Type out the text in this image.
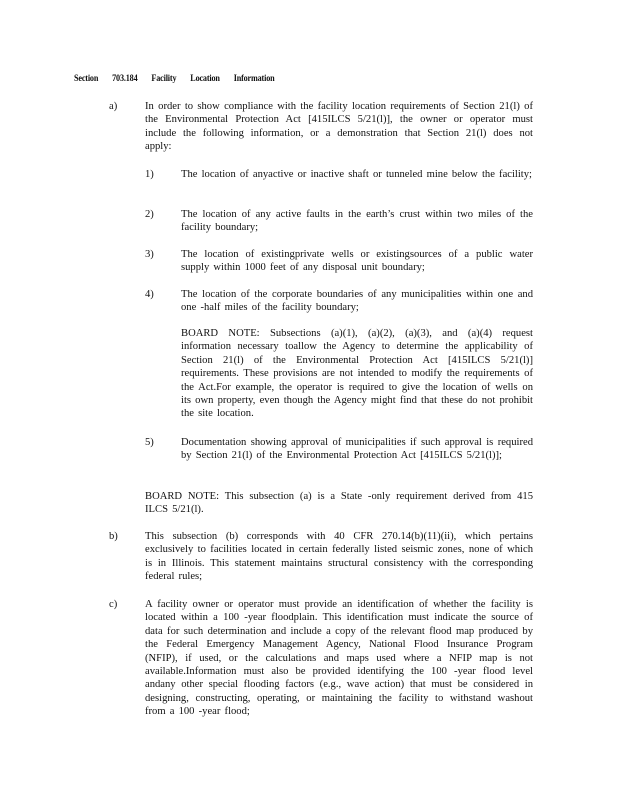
Section 703.184 Facility Location Information
a)	In order to show compliance with the facility location requirements of Section 21(l) of the Environmental Protection Act [415ILCS 5/21(l)], the owner or operator must include the following information, or a demonstration that Section 21(l) does not apply:
1)	The location of anyactive or inactive shaft or tunneled mine below the facility;
2)	The location of any active faults in the earth’s crust within two miles of the facility boundary;
3)	The location of existingprivate wells or existingsources of a public water supply within 1000 feet of any disposal unit boundary;
4)	The location of the corporate boundaries of any municipalities within one and one -half miles of the facility boundary;
BOARD NOTE: Subsections (a)(1), (a)(2), (a)(3), and (a)(4) request information necessary toallow the Agency to determine the applicability of Section 21(l) of the Environmental Protection Act [415ILCS 5/21(l)] requirements. These provisions are not intended to modify the requirements of the Act.For example, the operator is required to give the location of wells on its own property, even though the Agency might find that these do not prohibit the site location.
5)	Documentation showing approval of municipalities if such approval is required by Section 21(l) of the Environmental Protection Act [415ILCS 5/21(l)];
BOARD NOTE: This subsection (a) is a State -only requirement derived from 415 ILCS 5/21(l).
b)	This subsection (b) corresponds with 40 CFR 270.14(b)(11)(ii), which pertains exclusively to facilities located in certain federally listed seismic zones, none of which is in Illinois. This statement maintains structural consistency with the corresponding federal rules;
c)	A facility owner or operator must provide an identification of whether the facility is located within a 100 -year floodplain. This identification must indicate the source of data for such determination and include a copy of the relevant flood map produced by the Federal Emergency Management Agency, National Flood Insurance Program (NFIP), if used, or the calculations and maps used where a NFIP map is not available.Information must also be provided identifying the 100 -year flood level andany other special flooding factors (e.g., wave action) that must be considered in designing, constructing, operating, or maintaining the facility to withstand washout from a 100 -year flood;
